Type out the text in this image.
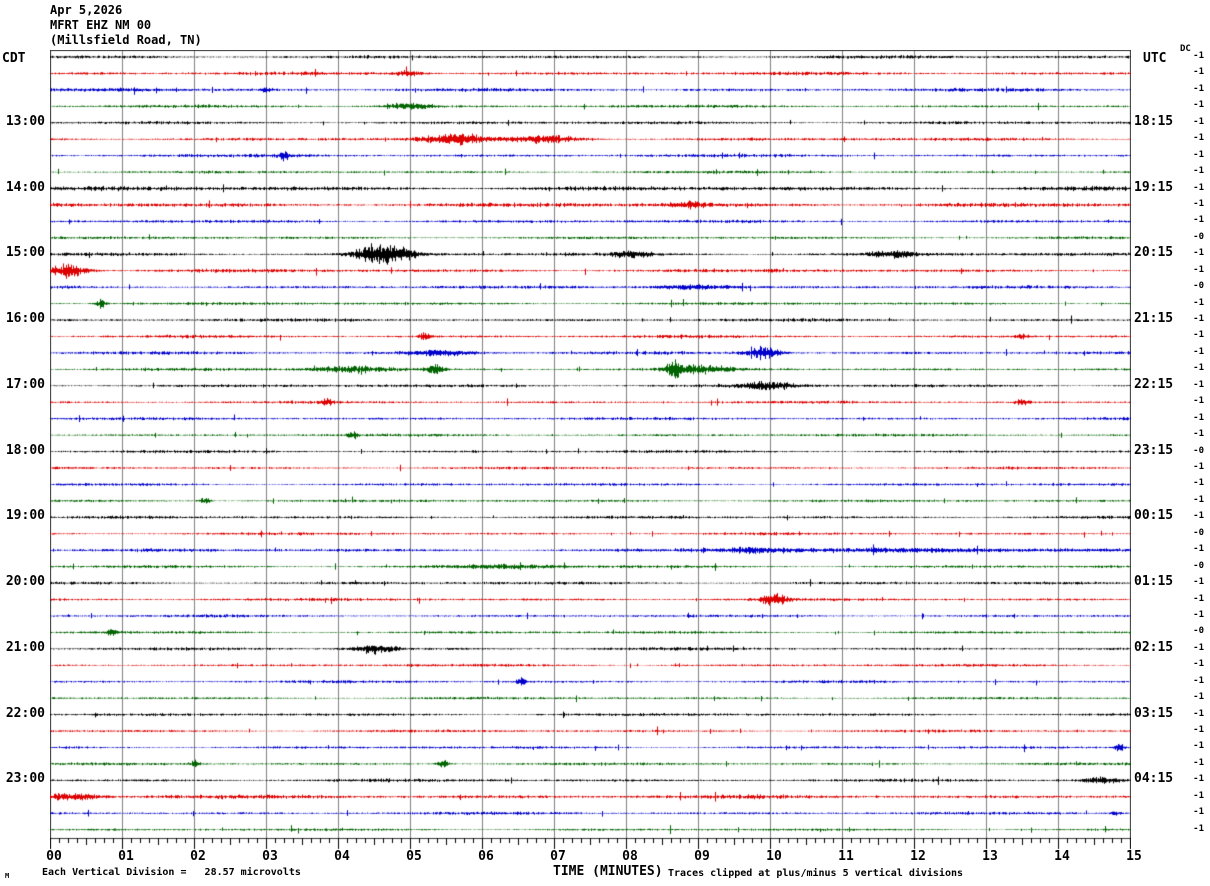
Apr 5,2026
MFRT EHZ NM 00
(Millsfield Road, TN)
CDT	UTC
DC
-1
-1
-1
-1
13:00	18:15	-1
-1
-1
-1
14:00	19:15	-1
-1
-1
-0
15:00	20:15	-1
-1
-0
-1
16:00	21:15	-1
-1
-1
-1
17:00	22:15	-1
-1
-1
-1
18:00	23:15	-0
-1
-1
-1
19:00	00:15	-1
-0
-1
-0
20:00	01:15	-1
-1
-1
-0
21:00	02:15	-1
-1
-1
-1
22:00	03:15	-1
-1
-1
-1
23:00	04:15	-1
-1
-1
-1
00	01	02	03	04	05	06	07	08	09	10	11	12	13	14	15
M	Each Vertical Division =   28.57 microvolts	TIME (MINUTES) Traces clipped at plus/minus 5 vertical divisions
